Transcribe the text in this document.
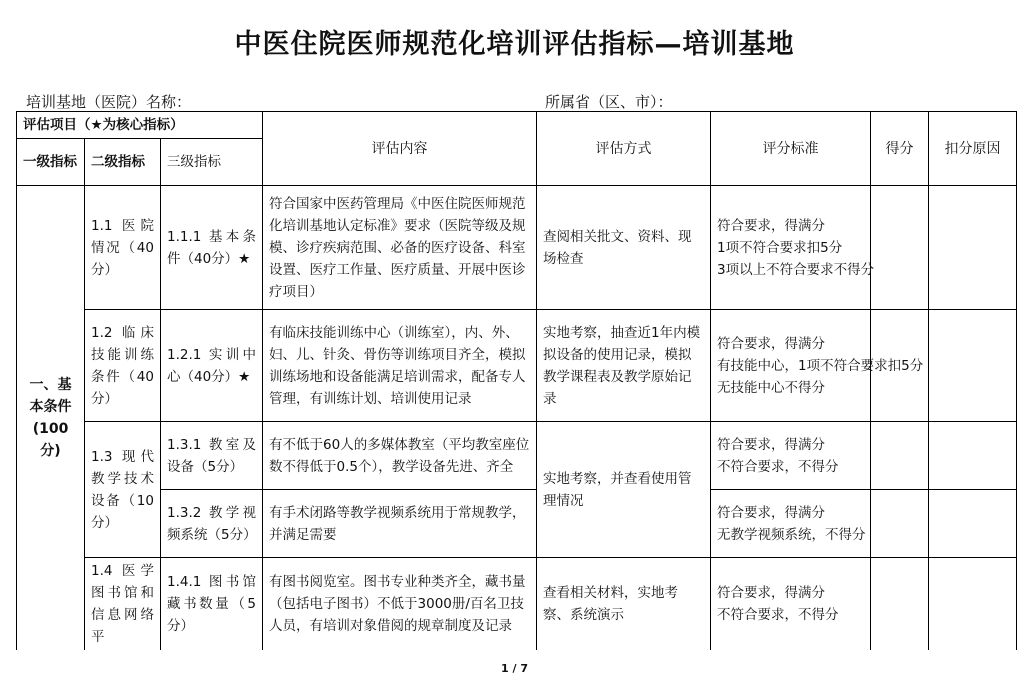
中医住院医师规范化培训评估指标—培训基地
培训基地（医院）名称：	所属省（区、市）：
评估项目（★为核心指标）			评估内容	评估方式	评分标准	得分	扣分原因
一级指标	二级指标	三级指标					
一、基本条件 (100分)	1.1 医院情况（40分）	1.1.1 基本条件（40分）★	符合国家中医药管理局《中医住院医师规范化培训基地认定标准》要求（医院等级及规模、诊疗疾病范围、必备的医疗设备、科室设置、医疗工作量、医疗质量、开展中医诊疗项目）	查阅相关批文、资料、现场检查	符合要求，得满分
1项不符合要求扣5分
3项以上不符合要求不得分		

	1.2 临床技能训练条件（40分）	1.2.1 实训中心（40分）★	有临床技能训练中心（训练室），内、外、妇、儿、针灸、骨伤等训练项目齐全，模拟训练场地和设备能满足培训需求，配备专人管理，有训练计划、培训使用记录	实地考察，抽查近1年内模拟设备的使用记录，模拟教学课程表及教学原始记录	符合要求，得满分
有技能中心，1项不符合要求扣5分
无技能中心不得分		

	1.3 现代教学技术设备（10分）	1.3.1 教室及设备（5分）	有不低于60人的多媒体教室（平均教室座位数不得低于0.5个），教学设备先进、齐全	实地考察，并查看使用管理情况	符合要求，得满分
不符合要求，不得分		

		1.3.2 教学视频系统（5分）	有手术闭路等教学视频系统用于常规教学，并满足需要		符合要求，得满分
无教学视频系统，不得分		

	1.4 医学图书馆和信息网络平	1.4.1 图书馆藏书数量（5分）	有图书阅览室。图书专业种类齐全，藏书量（包括电子图书）不低于3000册/百名卫技人员，有培训对象借阅的规章制度及记录	查看相关材料，实地考察、系统演示	符合要求，得满分
不符合要求，不得分		

1 / 7
